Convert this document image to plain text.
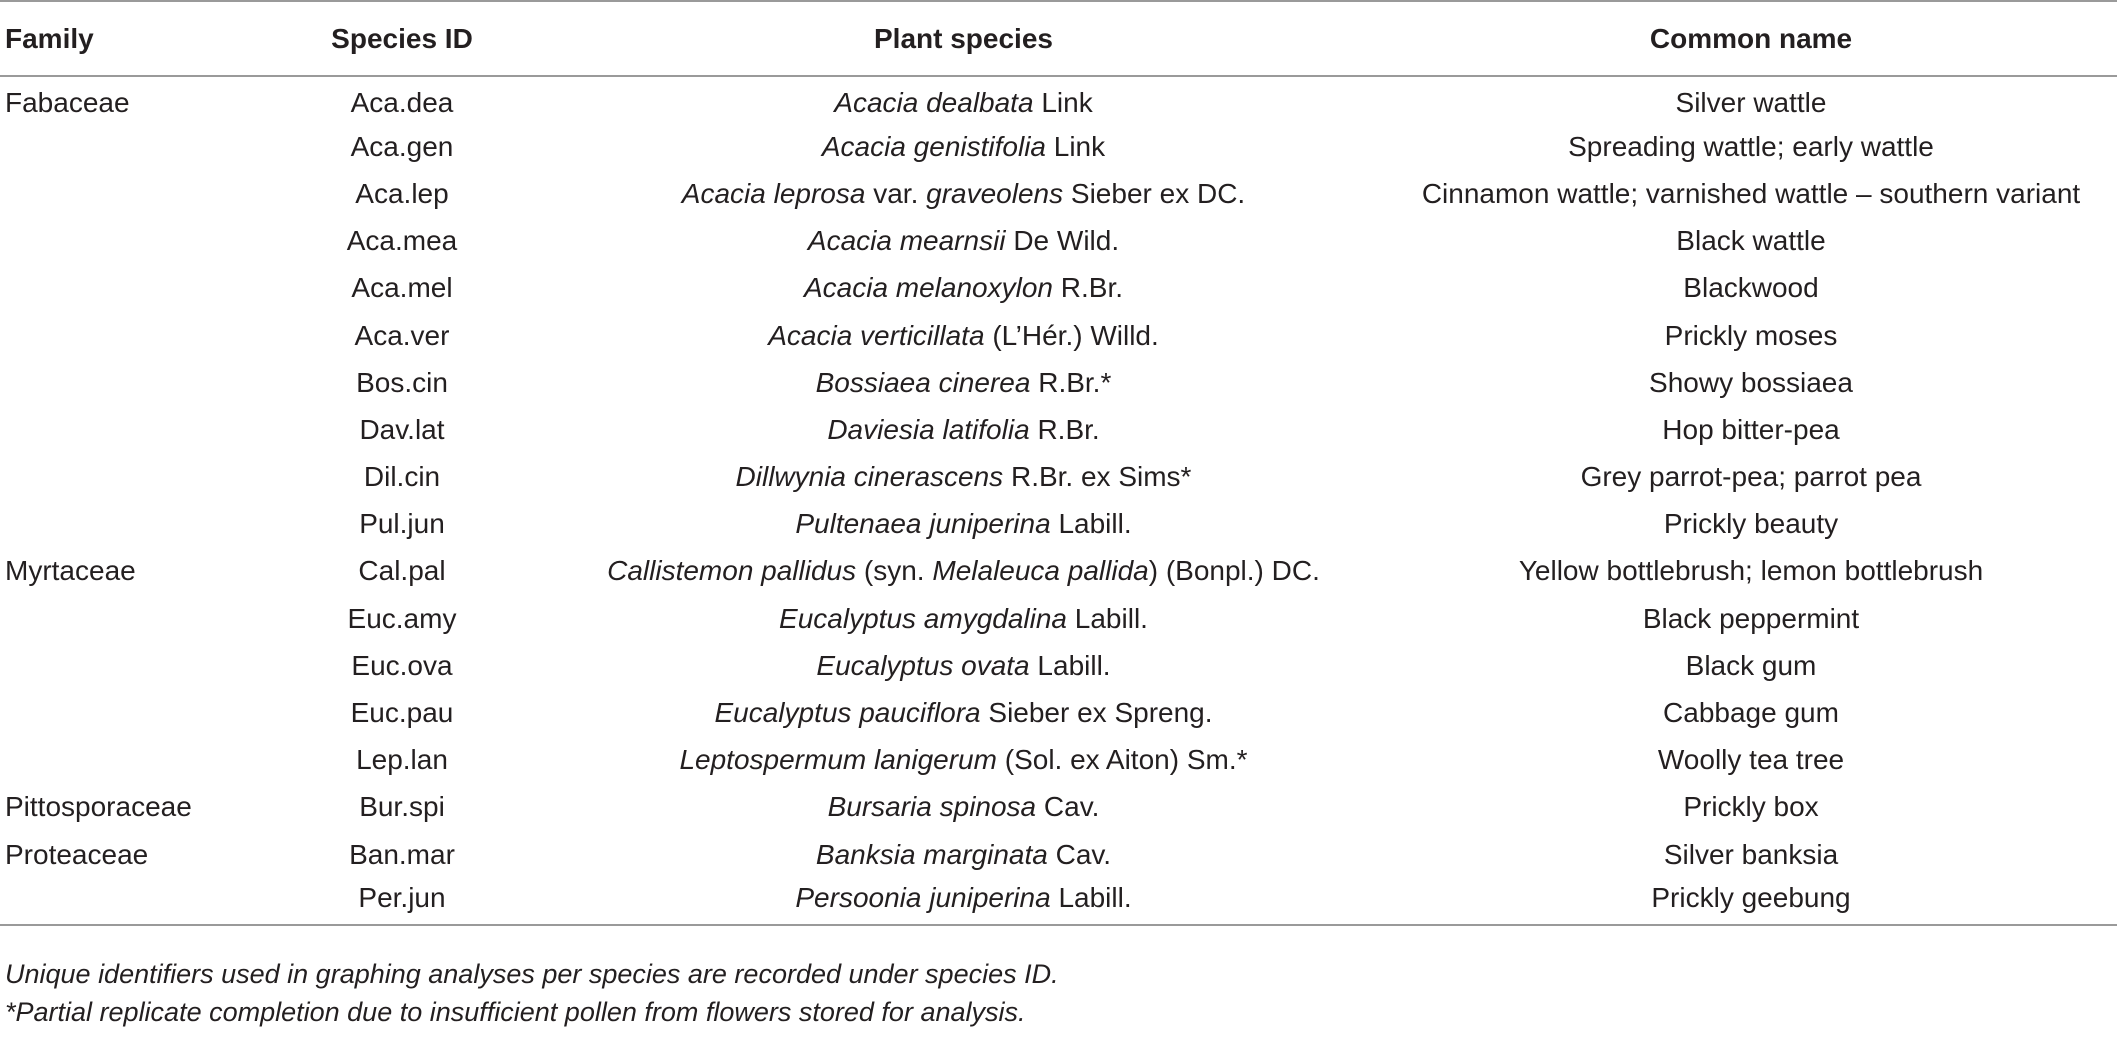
Family	Species ID	Plant species	Common name
Fabaceae	Aca.dea	Acacia dealbata Link	Silver wattle
	Aca.gen	Acacia genistifolia Link	Spreading wattle; early wattle
	Aca.lep	Acacia leprosa var. graveolens Sieber ex DC.	Cinnamon wattle; varnished wattle – southern variant
	Aca.mea	Acacia mearnsii De Wild.	Black wattle
	Aca.mel	Acacia melanoxylon R.Br.	Blackwood
	Aca.ver	Acacia verticillata (L’Hér.) Willd.	Prickly moses
	Bos.cin	Bossiaea cinerea R.Br.*	Showy bossiaea
	Dav.lat	Daviesia latifolia R.Br.	Hop bitter-pea
	Dil.cin	Dillwynia cinerascens R.Br. ex Sims*	Grey parrot-pea; parrot pea
	Pul.jun	Pultenaea juniperina Labill.	Prickly beauty
Myrtaceae	Cal.pal	Callistemon pallidus (syn. Melaleuca pallida) (Bonpl.) DC.	Yellow bottlebrush; lemon bottlebrush
	Euc.amy	Eucalyptus amygdalina Labill.	Black peppermint
	Euc.ova	Eucalyptus ovata Labill.	Black gum
	Euc.pau	Eucalyptus pauciflora Sieber ex Spreng.	Cabbage gum
	Lep.lan	Leptospermum lanigerum (Sol. ex Aiton) Sm.*	Woolly tea tree
Pittosporaceae	Bur.spi	Bursaria spinosa Cav.	Prickly box
Proteaceae	Ban.mar	Banksia marginata Cav.	Silver banksia
	Per.jun	Persoonia juniperina Labill.	Prickly geebung
Unique identifiers used in graphing analyses per species are recorded under species ID.
*Partial replicate completion due to insufficient pollen from flowers stored for analysis.
